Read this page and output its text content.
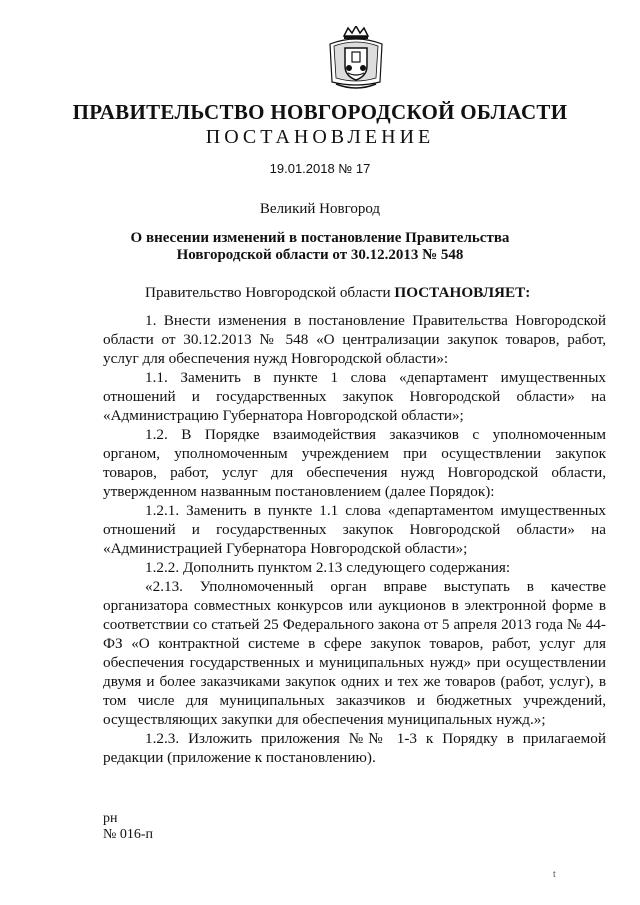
ПРАВИТЕЛЬСТВО НОВГОРОДСКОЙ ОБЛАСТИ
ПОСТАНОВЛЕНИЕ
19.01.2018 № 17
Великий Новгород
О внесении изменений в постановление Правительства
Новгородской области от 30.12.2013 № 548

Правительство Новгородской области ПОСТАНОВЛЯЕТ:

1. Внести изменения в постановление Правительства Новгородской области от 30.12.2013 № 548 «О централизации закупок товаров, работ, услуг для обеспечения нужд Новгородской области»:

1.1. Заменить в пункте 1 слова «департамент имущественных отношений и государственных закупок Новгородской области» на «Администрацию Губернатора Новгородской области»;

1.2. В Порядке взаимодействия заказчиков с уполномоченным органом, уполномоченным учреждением при осуществлении закупок товаров, работ, услуг для обеспечения нужд Новгородской области, утвержденном названным постановлением (далее Порядок):

1.2.1. Заменить в пункте 1.1 слова «департаментом имущественных отношений и государственных закупок Новгородской области» на «Администрацией Губернатора Новгородской области»;

1.2.2. Дополнить пунктом 2.13 следующего содержания:

«2.13. Уполномоченный орган вправе выступать в качестве организатора совместных конкурсов или аукционов в электронной форме в соответствии со статьей 25 Федерального закона от 5 апреля 2013 года № 44-ФЗ «О контрактной системе в сфере закупок товаров, работ, услуг для обеспечения государственных и муниципальных нужд» при осуществлении двумя и более заказчиками закупок одних и тех же товаров (работ, услуг), в том числе для муниципальных заказчиков и бюджетных учреждений, осуществляющих закупки для обеспечения муниципальных нужд.»;

1.2.3. Изложить приложения №№ 1-3 к Порядку в прилагаемой редакции (приложение к постановлению).

рн
№ 016-п
t
